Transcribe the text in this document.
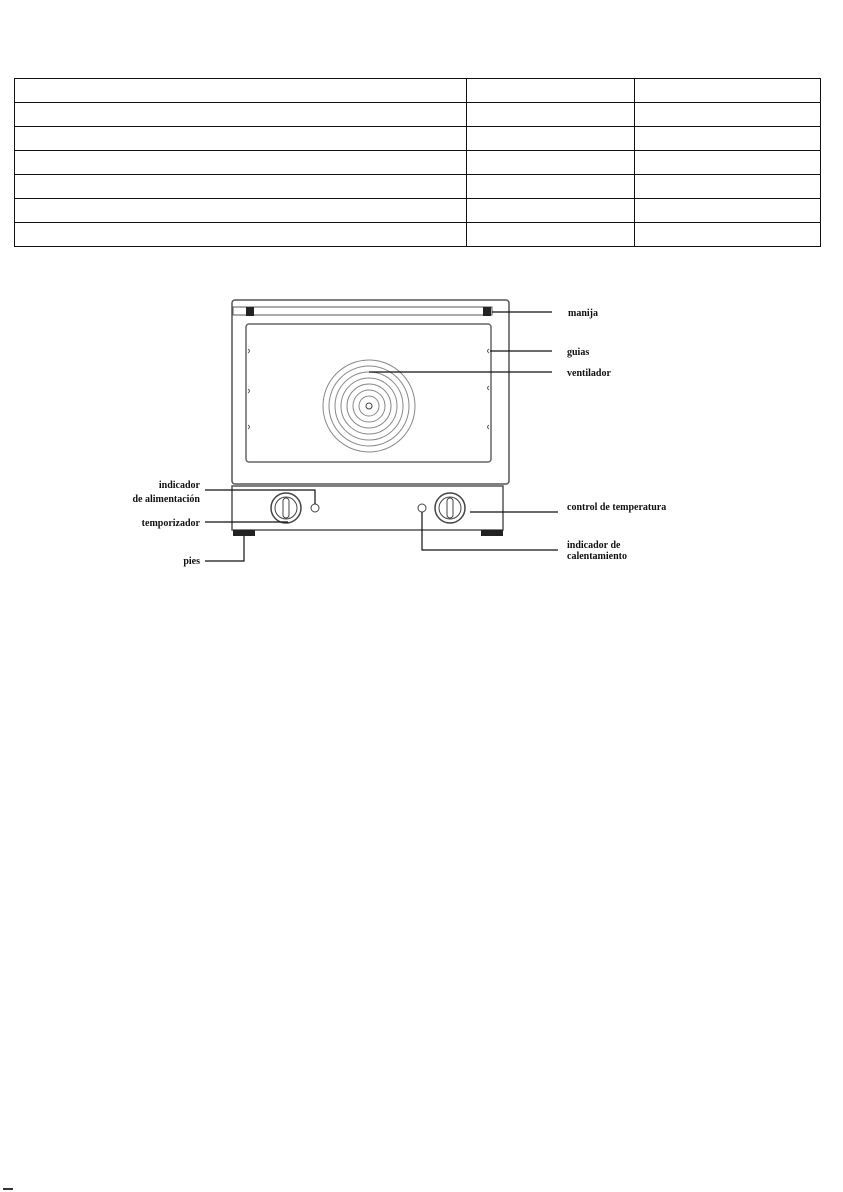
manija
guias
ventilador
indicador
de alimentación
temporizador
pies
control de temperatura
indicador de
calentamiento
